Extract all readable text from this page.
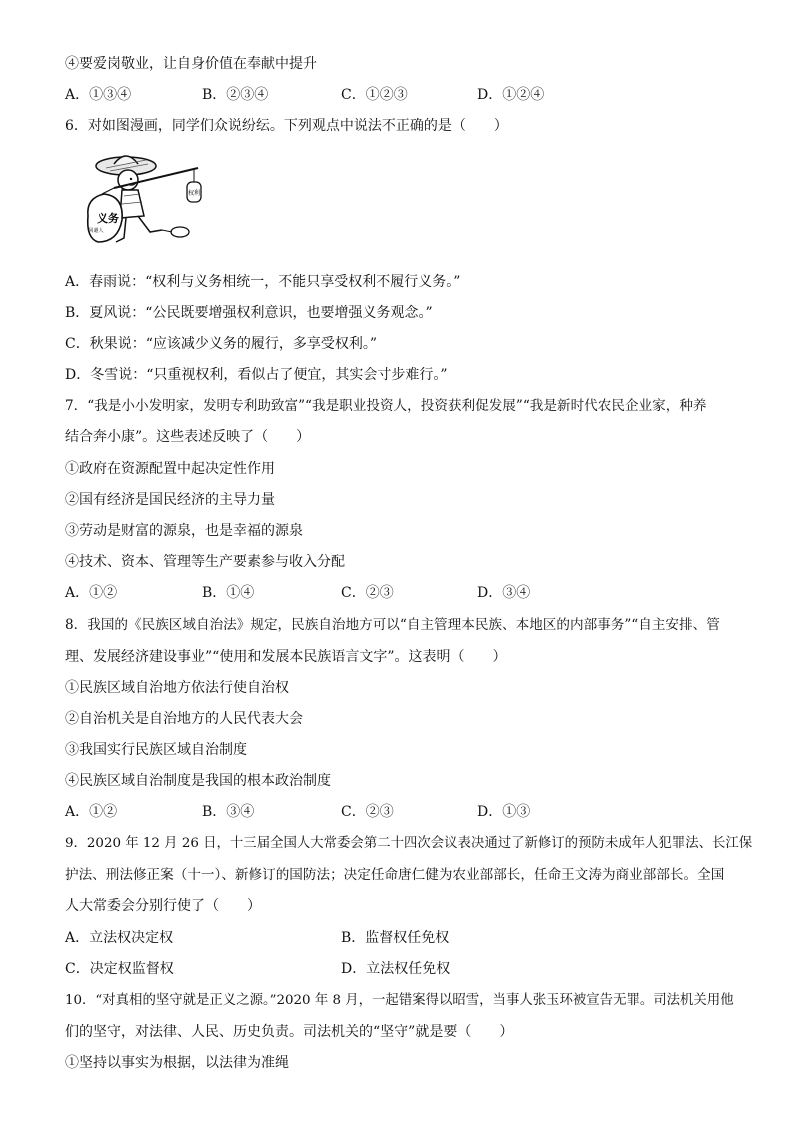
④要爱岗敬业，让自身价值在奉献中提升
A．①③④	B．②③④	C．①②③	D．①②④
6．对如图漫画，同学们众说纷纭。下列观点中说法不正确的是（　　）
权利
义务
回避人
A．春雨说：“权利与义务相统一，不能只享受权利不履行义务。”
B．夏风说：“公民既要增强权利意识，也要增强义务观念。”
C．秋果说：“应该减少义务的履行，多享受权利。”
D．冬雪说：“只重视权利，看似占了便宜，其实会寸步难行。”
7．“我是小小发明家，发明专利助致富”“我是职业投资人，投资获利促发展”“我是新时代农民企业家，种养
结合奔小康”。这些表述反映了（　　）
①政府在资源配置中起决定性作用
②国有经济是国民经济的主导力量
③劳动是财富的源泉，也是幸福的源泉
④技术、资本、管理等生产要素参与收入分配
A．①②	B．①④	C．②③	D．③④
8．我国的《民族区域自治法》规定，民族自治地方可以“自主管理本民族、本地区的内部事务”“自主安排、管
理、发展经济建设事业”“使用和发展本民族语言文字”。这表明（　　）
①民族区域自治地方依法行使自治权
②自治机关是自治地方的人民代表大会
③我国实行民族区域自治制度
④民族区域自治制度是我国的根本政治制度
A．①②	B．③④	C．②③	D．①③
9．2020 年 12 月 26 日，十三届全国人大常委会第二十四次会议表决通过了新修订的预防未成年人犯罪法、长江保
护法、刑法修正案（十一）、新修订的国防法；决定任命唐仁健为农业部部长，任命王文涛为商业部部长。全国
人大常委会分别行使了（　　）
A．立法权决定权	B．监督权任免权
C．决定权监督权	D．立法权任免权
10．“对真相的坚守就是正义之源。”2020 年 8 月，一起错案得以昭雪，当事人张玉环被宣告无罪。司法机关用他
们的坚守，对法律、人民、历史负责。司法机关的“坚守”就是要（　　）
①坚持以事实为根据，以法律为准绳
